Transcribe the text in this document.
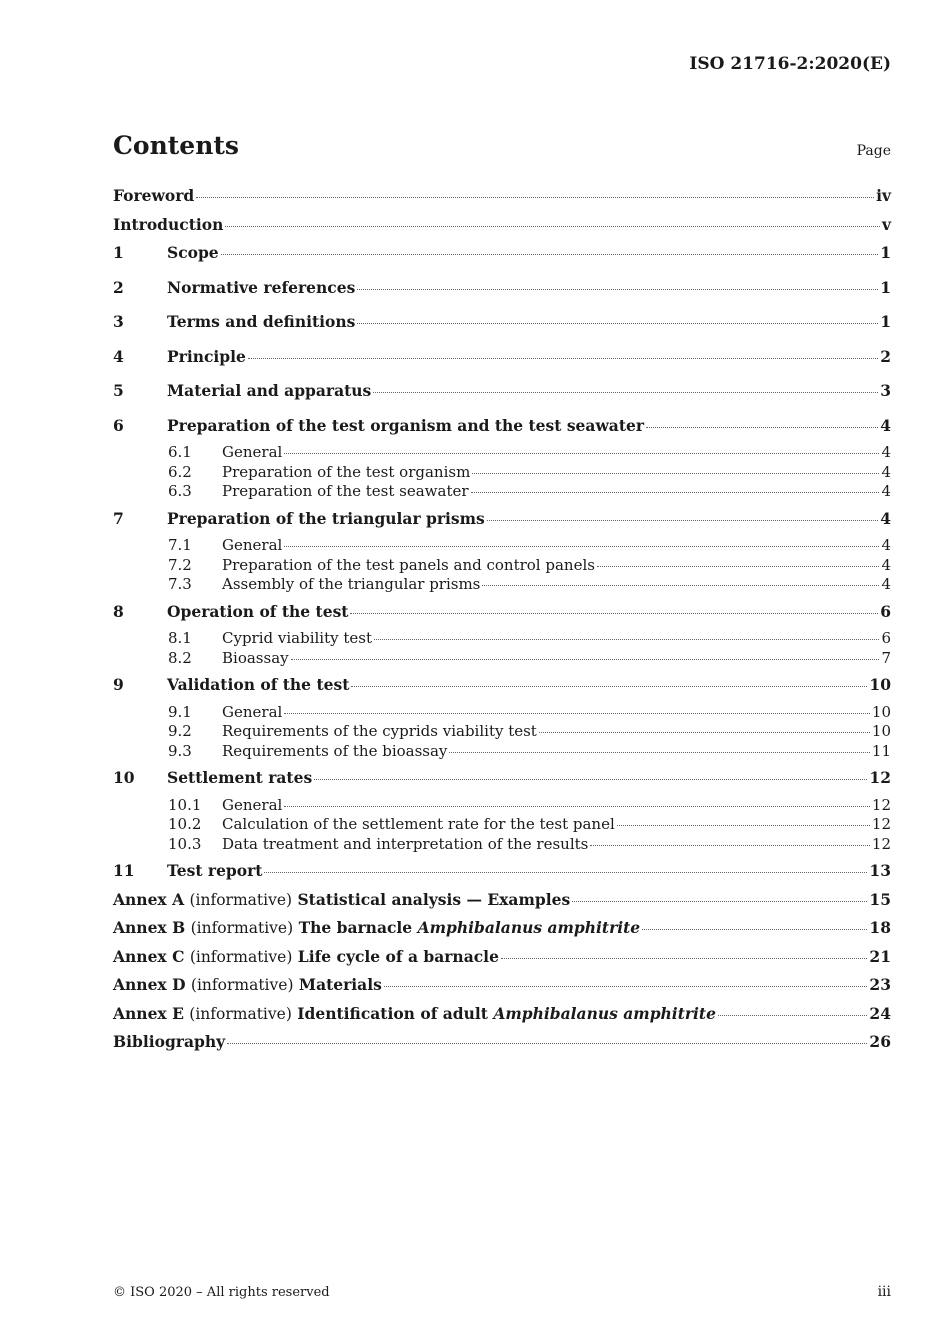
ISO 21716-2:2020(E)
Contents	Page
Foreword	iv
Introduction	v
1	Scope	1
2	Normative references	1
3	Terms and definitions	1
4	Principle	2
5	Material and apparatus	3
6	Preparation of the test organism and the test seawater	4
6.1	General	4
6.2	Preparation of the test organism	4
6.3	Preparation of the test seawater	4
7	Preparation of the triangular prisms	4
7.1	General	4
7.2	Preparation of the test panels and control panels	4
7.3	Assembly of the triangular prisms	4
8	Operation of the test	6
8.1	Cyprid viability test	6
8.2	Bioassay	7
9	Validation of the test	10
9.1	General	10
9.2	Requirements of the cyprids viability test	10
9.3	Requirements of the bioassay	11
10	Settlement rates	12
10.1	General	12
10.2	Calculation of the settlement rate for the test panel	12
10.3	Data treatment and interpretation of the results	12
11	Test report	13
Annex A (informative) Statistical analysis — Examples	15
Annex B (informative) The barnacle Amphibalanus amphitrite	18
Annex C (informative) Life cycle of a barnacle	21
Annex D (informative) Materials	23
Annex E (informative) Identification of adult Amphibalanus amphitrite	24
Bibliography	26
© ISO 2020 – All rights reserved	iii
